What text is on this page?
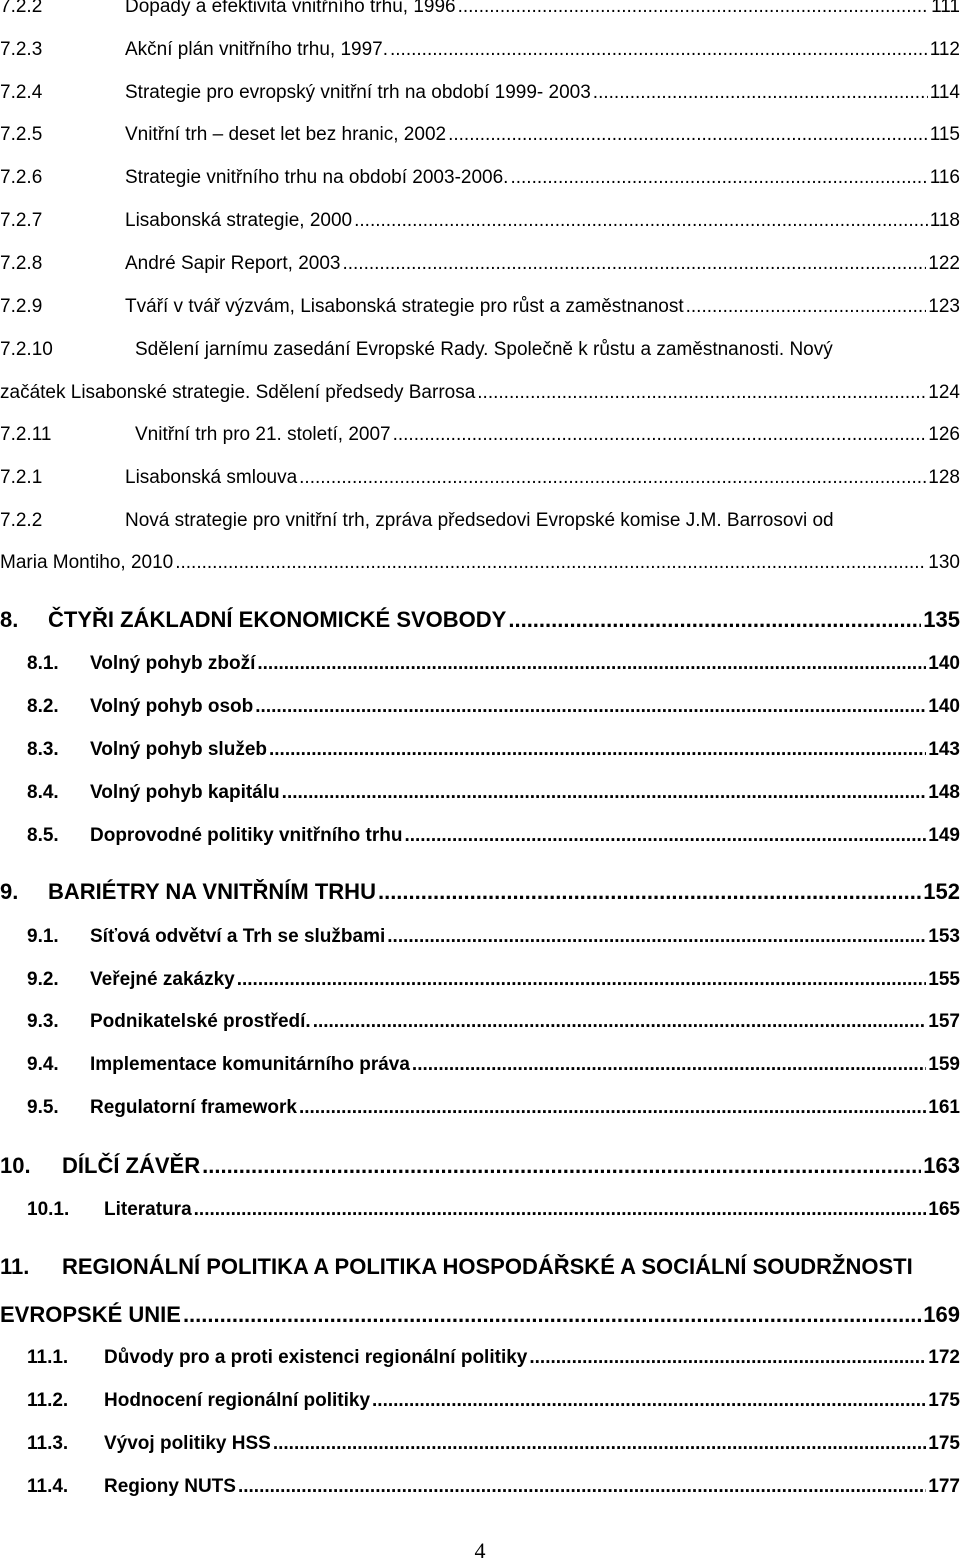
7.2.2	Dopady a efektivita vnitřního trhu, 1996 .....	111
7.2.3	Akční plán vnitřního trhu, 1997. .....	112
7.2.4	Strategie pro evropský vnitřní trh na období 1999- 2003 .....	114
7.2.5	Vnitřní trh – deset let bez hranic, 2002 .....	115
7.2.6	Strategie vnitřního trhu na období 2003-2006. .....	116
7.2.7	Lisabonská strategie, 2000 .....	118
7.2.8	André Sapir Report, 2003 .....	122
7.2.9	Tváří v tvář výzvám, Lisabonská strategie pro růst a zaměstnanost .....	123
7.2.10	Sdělení jarnímu zasedání Evropské Rady. Společně k růstu a zaměstnanosti. Nový
začátek Lisabonské strategie. Sdělení předsedy Barrosa .....	124
7.2.11	Vnitřní trh pro 21. století, 2007 .....	126
7.2.1	Lisabonská smlouva .....	128
7.2.2	Nová strategie pro vnitřní trh, zpráva předsedovi Evropské komise J.M. Barrosovi od
Maria Montiho, 2010 .....	130
8.	ČTYŘI ZÁKLADNÍ EKONOMICKÉ SVOBODY .....	135
8.1.	Volný pohyb zboží .....	140
8.2.	Volný pohyb osob .....	140
8.3.	Volný pohyb služeb .....	143
8.4.	Volný pohyb kapitálu .....	148
8.5.	Doprovodné politiky vnitřního trhu .....	149
9.	BARIÉTRY NA VNITŘNÍM TRHU .....	152
9.1.	Síťová odvětví a Trh se službami .....	153
9.2.	Veřejné zakázky .....	155
9.3.	Podnikatelské prostředí. .....	157
9.4.	Implementace komunitárního práva .....	159
9.5.	Regulatorní framework .....	161
10.	DÍLČÍ ZÁVĚR .....	163
10.1.	Literatura .....	165
11. REGIONÁLNÍ POLITIKA A POLITIKA HOSPODÁŘSKÉ A SOCIÁLNÍ SOUDRŽNOSTI
EVROPSKÉ UNIE .....	169
11.1.	Důvody pro a proti existenci regionální politiky .....	172
11.2.	Hodnocení regionální politiky .....	175
11.3.	Vývoj politiky HSS .....	175
11.4.	Regiony NUTS .....	177
4
